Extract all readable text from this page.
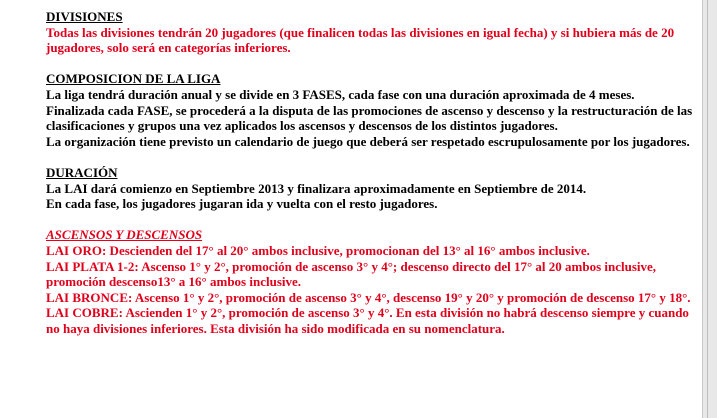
DIVISIONES

Todas las divisiones tendrán 20 jugadores (que finalicen todas las divisiones en igual fecha) y si hubiera más de 20 jugadores, solo será en categorías inferiores.

COMPOSICION DE LA LIGA

La liga tendrá duración anual y se divide en 3 FASES, cada fase con una duración aproximada de 4 meses.

Finalizada cada FASE, se procederá a la disputa de las promociones de ascenso y descenso y la restructuración de las clasificaciones y grupos una vez aplicados los ascensos y descensos de los distintos jugadores.

La organización tiene previsto un calendario de juego que deberá ser respetado escrupulosamente por los jugadores.

DURACIÓN

La LAI dará comienzo en Septiembre 2013 y finalizara aproximadamente en Septiembre de 2014.

En cada fase, los jugadores jugaran ida y vuelta con el resto jugadores.

ASCENSOS Y DESCENSOS

LAI ORO: Descienden del 17° al 20° ambos inclusive, promocionan del 13° al 16° ambos inclusive.

LAI PLATA 1-2: Ascenso 1° y 2°, promoción de ascenso 3° y 4°; descenso directo del 17° al 20 ambos inclusive, promoción descenso13° a 16° ambos inclusive.

LAI BRONCE: Ascenso 1° y 2°, promoción de ascenso 3° y 4°, descenso 19° y 20° y promoción de descenso 17° y 18°.

LAI COBRE: Ascienden 1° y 2°, promoción de ascenso 3° y 4°. En esta división no habrá descenso siempre y cuando no haya divisiones inferiores. Esta división ha sido modificada en su nomenclatura.
